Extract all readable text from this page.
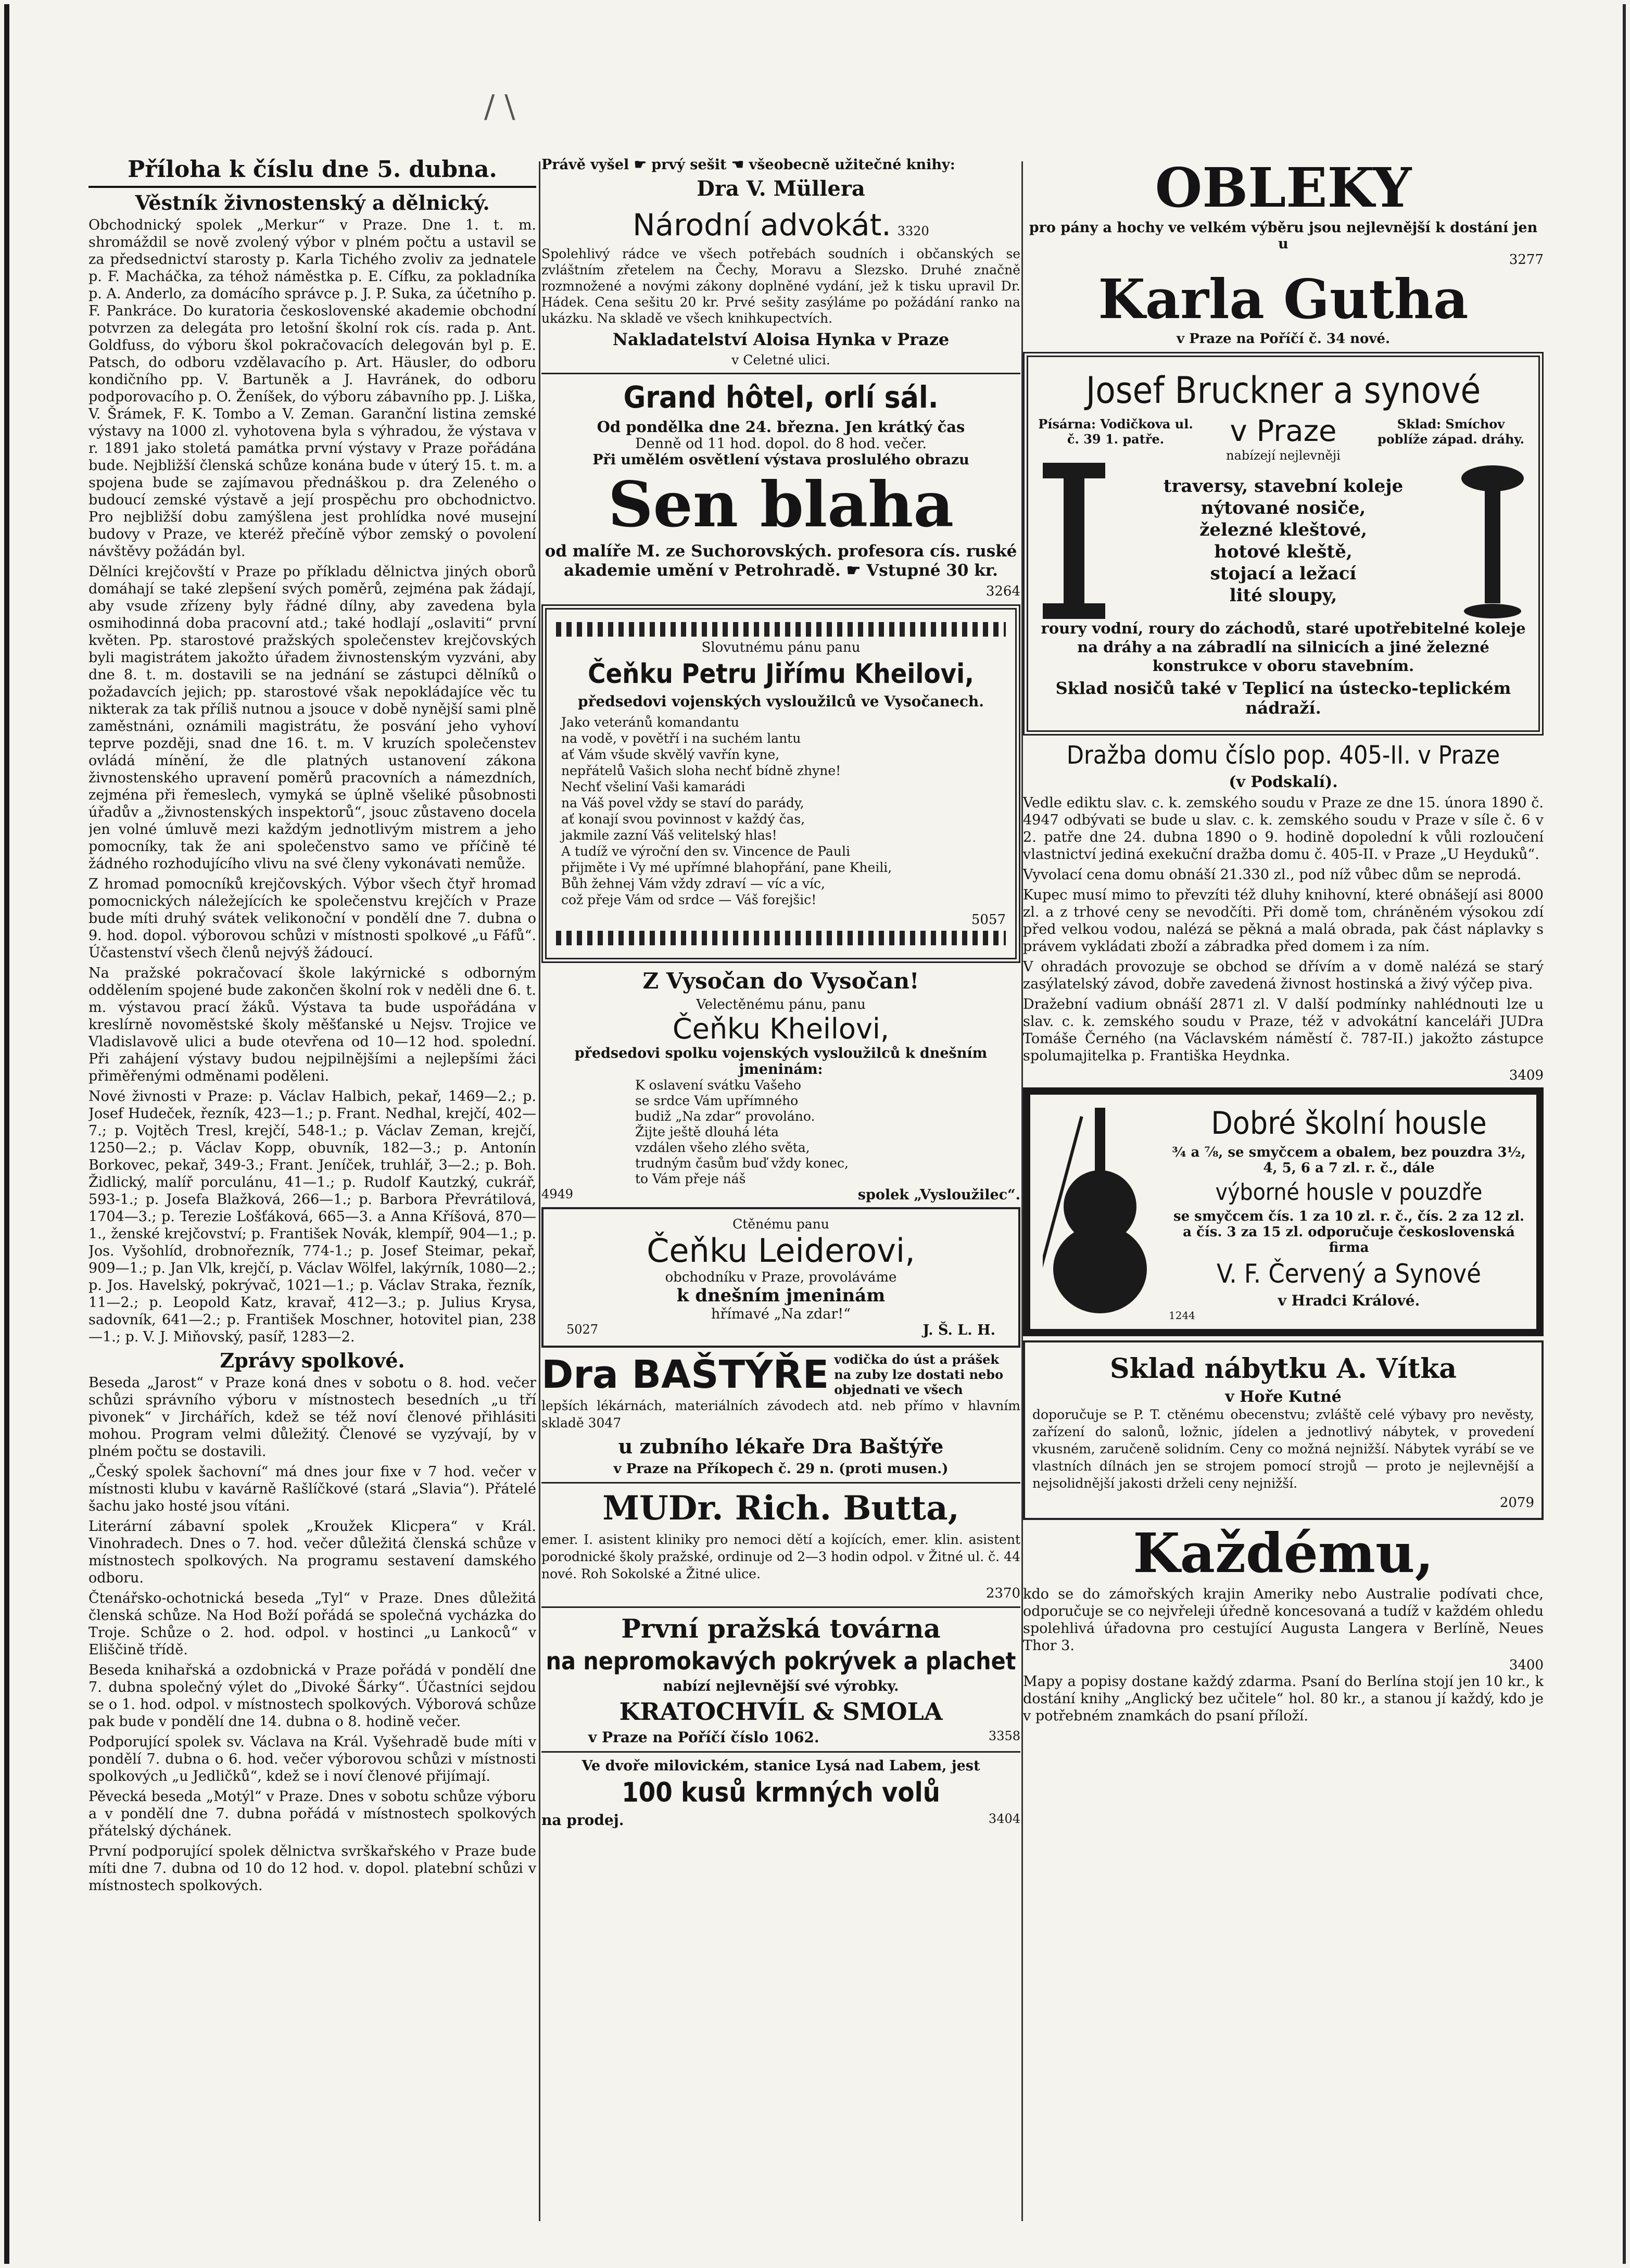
/ \
Příloha k číslu dne 5. dubna.
Věstník živnostenský a dělnický.

Obchodnický spolek „Merkur“ v Praze. Dne 1. t. m. shromáždil se nově zvolený výbor v plném počtu a ustavil se za předsednictví starosty p. Karla Tichého zvoliv za jednatele p. F. Macháčka, za téhož náměstka p. E. Cífku, za pokladníka p. A. Anderlo, za domácího správce p. J. P. Suka, za účetního p. F. Pankráce. Do kuratoria československé akademie obchodní potvrzen za delegáta pro letošní školní rok cís. rada p. Ant. Goldfuss, do výboru škol pokračovacích delegován byl p. E. Patsch, do odboru vzdělavacího p. Art. Häusler, do odboru kondičního pp. V. Bartuněk a J. Havránek, do odboru podporovacího p. O. Ženíšek, do výboru zábavního pp. J. Liška, V. Šrámek, F. K. Tombo a V. Zeman. Garanční listina zemské výstavy na 1000 zl. vyhotovena byla s výhradou, že výstava v r. 1891 jako stoletá památka první výstavy v Praze pořádána bude. Nejbližší členská schůze konána bude v úterý 15. t. m. a spojena bude se zajímavou přednáškou p. dra Zeleného o budoucí zemské výstavě a její prospěchu pro obchodnictvo. Pro nejbližší dobu zamýšlena jest prohlídka nové musejní budovy v Praze, ve kteréž přečíně výbor zemský o povolení návštěvy požádán byl.

Dělníci krejčovští v Praze po příkladu dělnictva jiných oborů domáhají se také zlepšení svých poměrů, zejména pak žádají, aby vsude zřízeny byly řádné dílny, aby zavedena byla osmihodinná doba pracovní atd.; také hodlají „oslaviti“ první květen. Pp. starostové pražských společenstev krejčovských byli magistrátem jakožto úřadem živnostenským vyzváni, aby dne 8. t. m. dostavili se na jednání se zástupci dělníků o požadavcích jejich; pp. starostové však nepokládajíce věc tu nikterak za tak příliš nutnou a jsouce v době nynější sami plně zaměstnáni, oznámili magistrátu, že posvání jeho vyhoví teprve později, snad dne 16. t. m. V kruzích společenstev ovládá mínění, že dle platných ustanovení zákona živnostenského upravení poměrů pracovních a námezdních, zejména při řemeslech, vymyká se úplně všeliké působnosti úřadův a „živnostenských inspektorů“, jsouc zůstaveno docela jen volné úmluvě mezi každým jednotlivým mistrem a jeho pomocníky, tak že ani společenstvo samo ve příčině té žádného rozhodujícího vlivu na své členy vykonávati nemůže.

Z hromad pomocníků krejčovských. Výbor všech čtyř hromad pomocnických náležejících ke společenstvu krejčích v Praze bude míti druhý svátek velikonoční v pondělí dne 7. dubna o 9. hod. dopol. výborovou schůzi v místnosti spolkové „u Fáfů“. Účastenství všech členů nejvýš žádoucí.

Na pražské pokračovací škole lakýrnické s odborným oddělením spojené bude zakončen školní rok v neděli dne 6. t. m. výstavou prací žáků. Výstava ta bude uspořádána v kreslírně novoměstské školy měšťanské u Nejsv. Trojice ve Vladislavově ulici a bude otevřena od 10—12 hod. spolední. Při zahájení výstavy budou nejpilnějšími a nejlepšími žáci přiměřenými odměnami poděleni.

Nové živnosti v Praze: p. Václav Halbich, pekař, 1469—2.; p. Josef Hudeček, řezník, 423—1.; p. Frant. Nedhal, krejčí, 402—7.; p. Vojtěch Tresl, krejčí, 548-1.; p. Václav Zeman, krejčí, 1250—2.; p. Václav Kopp, obuvník, 182—3.; p. Antonín Borkovec, pekař, 349-3.; Frant. Jeníček, truhlář, 3—2.; p. Boh. Židlický, malíř porculánu, 41—1.; p. Rudolf Kautzký, cukrář, 593-1.; p. Josefa Blažková, 266—1.; p. Barbora Převrátilová, 1704—3.; p. Terezie Lošťáková, 665—3. a Anna Kříšová, 870—1., ženské krejčovství; p. František Novák, klempíř, 904—1.; p. Jos. Vyšohlíd, drobnořezník, 774-1.; p. Josef Steimar, pekař, 909—1.; p. Jan Vlk, krejčí, p. Václav Wölfel, lakýrník, 1080—2.; p. Jos. Havelský, pokrývač, 1021—1.; p. Václav Straka, řezník, 11—2.; p. Leopold Katz, kravař, 412—3.; p. Julius Krysa, sadovník, 641—2.; p. František Moschner, hotovitel pian, 238—1.; p. V. J. Miňovský, pasíř, 1283—2.

Zprávy spolkové.

Beseda „Jarost“ v Praze koná dnes v sobotu o 8. hod. večer schůzi správního výboru v místnostech besedních „u tří pivonek“ v Jirchářích, kdež se též noví členové přihlásiti mohou. Program velmi důležitý. Členové se vyzývají, by v plném počtu se dostavili.

„Český spolek šachovní“ má dnes jour fixe v 7 hod. večer v místnosti klubu v kavárně Rašlíčkové (stará „Slavia“). Přátelé šachu jako hosté jsou vítáni.

Literární zábavní spolek „Kroužek Klicpera“ v Král. Vinohradech. Dnes o 7. hod. večer důležitá členská schůze v místnostech spolkových. Na programu sestavení damského odboru.

Čtenářsko-ochotnická beseda „Tyl“ v Praze. Dnes důležitá členská schůze. Na Hod Boží pořádá se společná vycházka do Troje. Schůze o 2. hod. odpol. v hostinci „u Lankoců“ v Eliščině třídě.

Beseda knihařská a ozdobnická v Praze pořádá v pondělí dne 7. dubna společný výlet do „Divoké Šárky“. Účastníci sejdou se o 1. hod. odpol. v místnostech spolkových. Výborová schůze pak bude v pondělí dne 14. dubna o 8. hodině večer.

Podporující spolek sv. Václava na Král. Vyšehradě bude míti v pondělí 7. dubna o 6. hod. večer výborovou schůzi v místnosti spolkových „u Jedličků“, kdež se i noví členové přijímají.

Pěvecká beseda „Motýl“ v Praze. Dnes v sobotu schůze výboru a v pondělí dne 7. dubna pořádá v místnostech spolkových přátelský dýchánek.

První podporující spolek dělnictva svrškařského v Praze bude míti dne 7. dubna od 10 do 12 hod. v. dopol. platební schůzi v místnostech spolkových.

Právě vyšel ☛ prvý sešit ☚ všeobecně užitečné knihy:

Dra V. Müllera
Národní advokát. 3320

Spolehlivý rádce ve všech potřebách soudních i občanských se zvláštním zřetelem na Čechy, Moravu a Slezsko. Druhé značně rozmnožené a novými zákony doplněné vydání, jež k tisku upravil Dr. Hádek. Cena sešitu 20 kr. Prvé sešity zasýláme po požádání ranko na ukázku. Na skladě ve všech knihkupectvích.

Nakladatelství Aloisa Hynka v Praze
v Celetné ulici.
Grand hôtel, orlí sál.
Od pondělka dne 24. března. Jen krátký čas
Denně od 11 hod. dopol. do 8 hod. večer.
Při umělém osvětlení výstava proslulého obrazu
Sen blaha

od malíře M. ze Suchorovských. profesora cís. ruské akademie umění v Petrohradě. ☛ Vstupné 30 kr.

3264
Slovutnému pánu panu
Čeňku Petru Jiřímu Kheilovi,
předsedovi vojenských vysloužilců ve Vysočanech.
Jako veteránů komandantu
na vodě, v povětří i na suchém lantu
ať Vám všude skvělý vavřín kyne,
nepřátelů Vašich sloha nechť bídně zhyne!
Nechť všeliní Vaši kamarádi
na Váš povel vždy se staví do parády,
ať konají svou povinnost v každý čas,
jakmile zazní Váš velitelský hlas!
A tudíž ve výroční den sv. Vincence de Pauli
přijměte i Vy mé upřímné blahopřání, pane Kheili,
Bůh žehnej Vám vždy zdraví — víc a víc,
což přeje Vám od srdce — Váš forejšic!
5057
Z Vysočan do Vysočan!
Velectěnému pánu, panu
Čeňku Kheilovi,
předsedovi spolku vojenských vysloužilců k dnešním jmeninám:
K oslavení svátku Vašeho
se srdce Vám upřímného
budiž „Na zdar“ provoláno.
Žijte ještě dlouhá léta
vzdálen všeho zlého světa,
trudným časům buď vždy konec,
to Vám přeje náš
4949	spolek „Vysloužilec“.
Ctěnému panu
Čeňku Leiderovi,
obchodníku v Praze, provoláváme
k dnešním jmeninám
hřímavé „Na zdar!“
5027	J. Š. L. H.
Dra BAŠTÝŘE vodička do úst a prášek na zuby lze dostati nebo objednati ve všech

lepších lékárnách, materiálních závodech atd. neb přímo v hlavním skladě 3047

u zubního lékaře Dra Baštýře
v Praze na Příkopech č. 29 n. (proti musen.)
MUDr. Rich. Butta,

emer. I. asistent kliniky pro nemoci dětí a kojících, emer. klin. asistent porodnické školy pražské, ordinuje od 2—3 hodin odpol. v Žitné ul. č. 44 nové. Roh Sokolské a Žitné ulice.

2370
První pražská továrna
na nepromokavých pokrývek a plachet
nabízí nejlevnější své výrobky.
KRATOCHVÍL & SMOLA
v Praze na Poříčí číslo 1062.	3358
Ve dvoře milovickém, stanice Lysá nad Labem, jest
100 kusů krmných volů
na prodej.	3404
OBLEKY
pro pány a hochy ve velkém výběru jsou nejlevnější k dostání jen u
3277
Karla Gutha
v Praze na Poříčí č. 34 nové.
Josef Bruckner a synové
Písárna: Vodičkova ul. č. 39 1. patře.	v Praze	Sklad: Smíchov poblíže západ. dráhy.
nabízejí nejlevněji
traversy, stavební koleje
nýtované nosiče,
železné kleštové,
hotové kleště,
stojací a ležací
lité sloupy,

roury vodní, roury do záchodů, staré upotřebitelné koleje na dráhy a na zábradlí na silnicích a jiné železné konstrukce v oboru stavebním.

Sklad nosičů také v Teplicí na ústecko-teplickém nádraží.
Dražba domu číslo pop. 405-II. v Praze
(v Podskalí).

Vedle ediktu slav. c. k. zemského soudu v Praze ze dne 15. února 1890 č. 4947 odbývati se bude u slav. c. k. zemského soudu v Praze v síle č. 6 v 2. patře dne 24. dubna 1890 o 9. hodině dopolední k vůli rozloučení vlastnictví jediná exekuční dražba domu č. 405-II. v Praze „U Heyduků“.

Vyvolací cena domu obnáší 21.330 zl., pod níž vůbec dům se neprodá.

Kupec musí mimo to převzíti též dluhy knihovní, které obnášejí asi 8000 zl. a z trhové ceny se nevodčíti. Při domě tom, chráněném výsokou zdí před velkou vodou, nalézá se pěkná a malá obrada, pak část náplavky s právem vykládati zboží a zábradka před domem i za ním.

V ohradách provozuje se obchod se dřívím a v domě nalézá se starý zasýlatelský závod, dobře zavedená živnost hostinská a živý výčep piva.

Dražební vadium obnáší 2871 zl. V další podmínky nahlédnouti lze u slav. c. k. zemského soudu v Praze, též v advokátní kanceláři JUDra Tomáše Černého (na Václavském náměstí č. 787-II.) jakožto zástupce spolumajitelka p. Františka Heydnka.

3409
Dobré školní housle
¾ a ⅞, se smyčcem a obalem, bez pouzdra 3½, 4, 5, 6 a 7 zl. r. č., dále
výborné housle v pouzdře
se smyčcem čís. 1 za 10 zl. r. č., čís. 2 za 12 zl. a čís. 3 za 15 zl. odporučuje československá firma
V. F. Červený a Synové
v Hradci Králové.
1244
Sklad nábytku A. Vítka
v Hoře Kutné

doporučuje se P. T. ctěnému obecenstvu; zvláště celé výbavy pro nevěsty, zařízení do salonů, ložnic, jídelen a jednotlivý nábytek, v provedení vkusném, zaručeně solidním. Ceny co možná nejnižší. Nábytek vyrábí se ve vlastních dílnách jen se strojem pomocí strojů — proto je nejlevnější a nejsolidnější jakosti drželi ceny nejnižší.

2079
Každému,

kdo se do zámořských krajin Ameriky nebo Australie podívati chce, odporučuje se co nejvřeleji úředně koncesovaná a tudíž v každém ohledu spolehlivá úřadovna pro cestující Augusta Langera v Berlíně, Neues Thor 3.

3400

Mapy a popisy dostane každý zdarma. Psaní do Berlína stojí jen 10 kr., k dostání knihy „Anglický bez učitele“ hol. 80 kr., a stanou jí každý, kdo je v potřebném znamkách do psaní příloží.
